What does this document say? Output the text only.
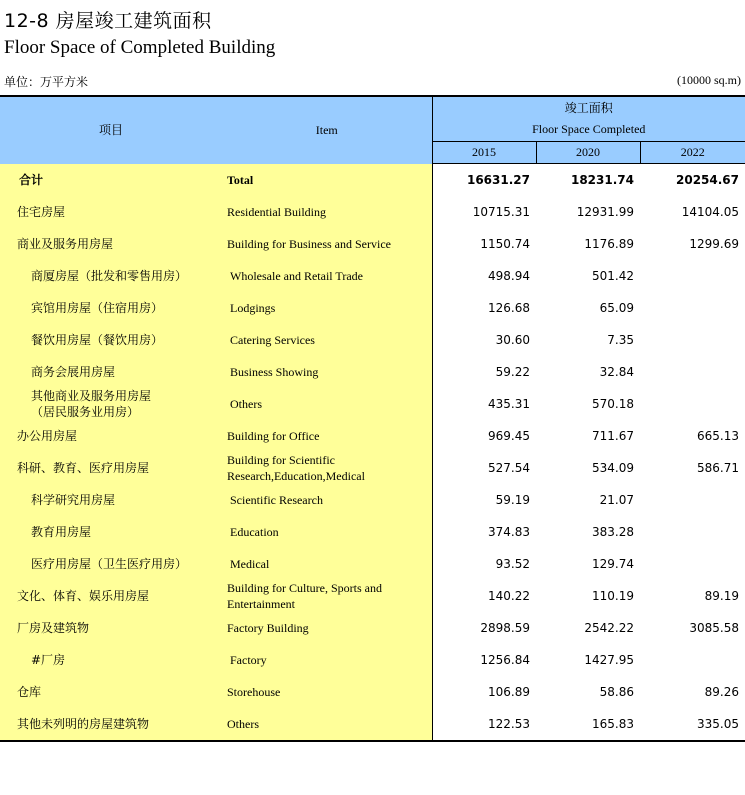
12-8 房屋竣工建筑面积
Floor Space of Completed Building
单位：万平方米	(10000 sq.m)
项目	Item	竣工面积
Floor Space Completed		

		2015	2020	2022

合计	Total	16631.27	18231.74	20254.67

住宅房屋	Residential Building	10715.31	12931.99	14104.05

商业及服务用房屋	Building for Business and Service	1150.74	1176.89	1299.69

商厦房屋（批发和零售用房）	Wholesale and Retail Trade	498.94	501.42	

宾馆用房屋（住宿用房）	Lodgings	126.68	65.09	

餐饮用房屋（餐饮用房）	Catering Services	30.60	7.35	

商务会展用房屋	Business Showing	59.22	32.84	

其他商业及服务用房屋
（居民服务业用房）	Others	435.31	570.18	

办公用房屋	Building for Office	969.45	711.67	665.13

科研、教育、医疗用房屋	Building for Scientific
Research,Education,Medical	527.54	534.09	586.71

科学研究用房屋	Scientific Research	59.19	21.07	

教育用房屋	Education	374.83	383.28	

医疗用房屋（卫生医疗用房）	Medical	93.52	129.74	

文化、体育、娱乐用房屋	Building for Culture, Sports and
Entertainment	140.22	110.19	89.19

厂房及建筑物	Factory Building	2898.59	2542.22	3085.58

#厂房	Factory	1256.84	1427.95	

仓库	Storehouse	106.89	58.86	89.26

其他未列明的房屋建筑物	Others	122.53	165.83	335.05
